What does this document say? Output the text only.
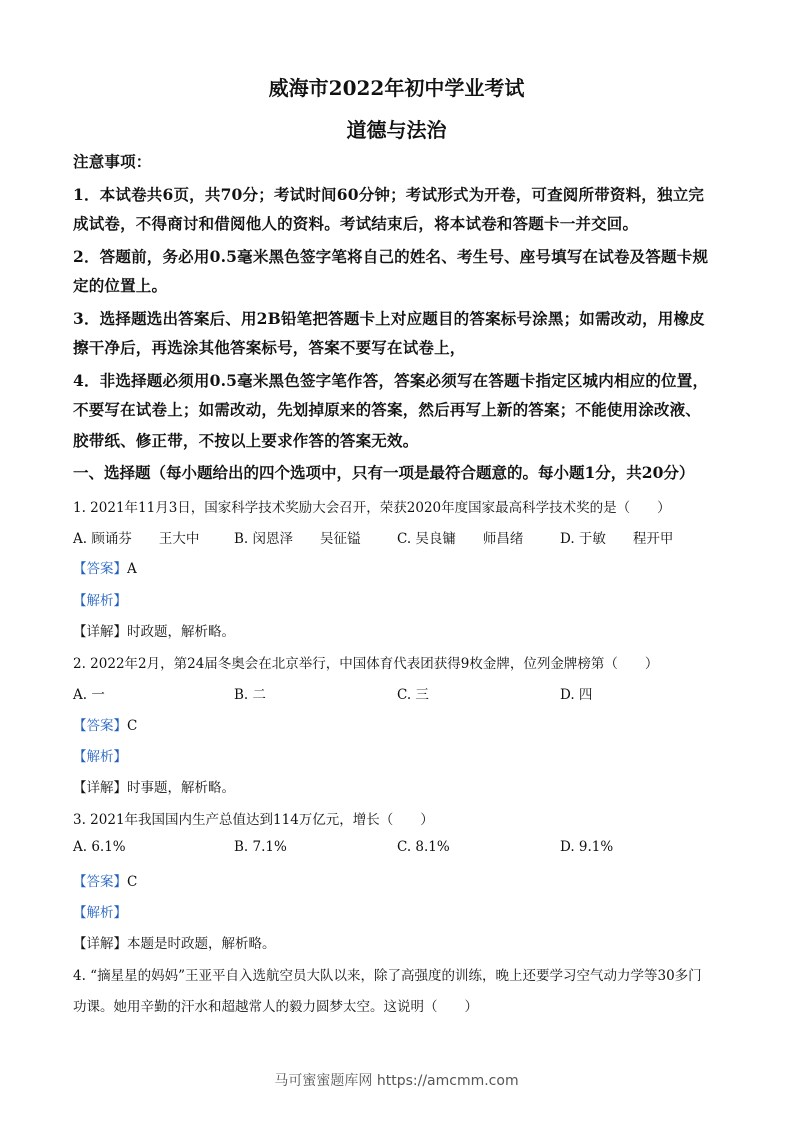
威海市2022年初中学业考试
道德与法治
注意事项：
1．本试卷共6页，共70分；考试时间60分钟；考试形式为开卷，可查阅所带资料，独立完
成试卷，不得商讨和借阅他人的资料。考试结束后，将本试卷和答题卡一并交回。
2．答题前，务必用0.5毫米黑色签字笔将自己的姓名、考生号、座号填写在试卷及答题卡规
定的位置上。
3．选择题选出答案后、用2B铅笔把答题卡上对应题目的答案标号涂黑；如需改动，用橡皮
擦干净后，再选涂其他答案标号，答案不要写在试卷上，
4．非选择题必须用0.5毫米黑色签字笔作答，答案必须写在答题卡指定区城内相应的位置，
不要写在试卷上；如需改动，先划掉原来的答案，然后再写上新的答案；不能使用涂改液、
胶带纸、修正带，不按以上要求作答的答案无效。
一、选择题（每小题给出的四个选项中，只有一项是最符合题意的。每小题1分，共20分）
1. 2021年11月3日，国家科学技术奖励大会召开，荣获2020年度国家最高科学技术奖的是（　　）
A. 顾诵芬　　王大中	B. 闵恩泽　　吴征镒	C. 吴良镛　　师昌绪	D. 于敏　　程开甲
【答案】A
【解析】
【详解】时政题，解析略。
2. 2022年2月，第24届冬奥会在北京举行，中国体育代表团获得9枚金牌，位列金牌榜第（　　）
A. 一	B. 二	C. 三	D. 四
【答案】C
【解析】
【详解】时事题，解析略。
3. 2021年我国国内生产总值达到114万亿元，增长（　　）
A. 6.1%	B. 7.1%	C. 8.1%	D. 9.1%
【答案】C
【解析】
【详解】本题是时政题，解析略。
4. “摘星星的妈妈”王亚平自入选航空员大队以来，除了高强度的训练，晚上还要学习空气动力学等30多门
功课。她用辛勤的汗水和超越常人的毅力圆梦太空。这说明（　　）
马可蜜蜜题库网 https://amcmm.com
